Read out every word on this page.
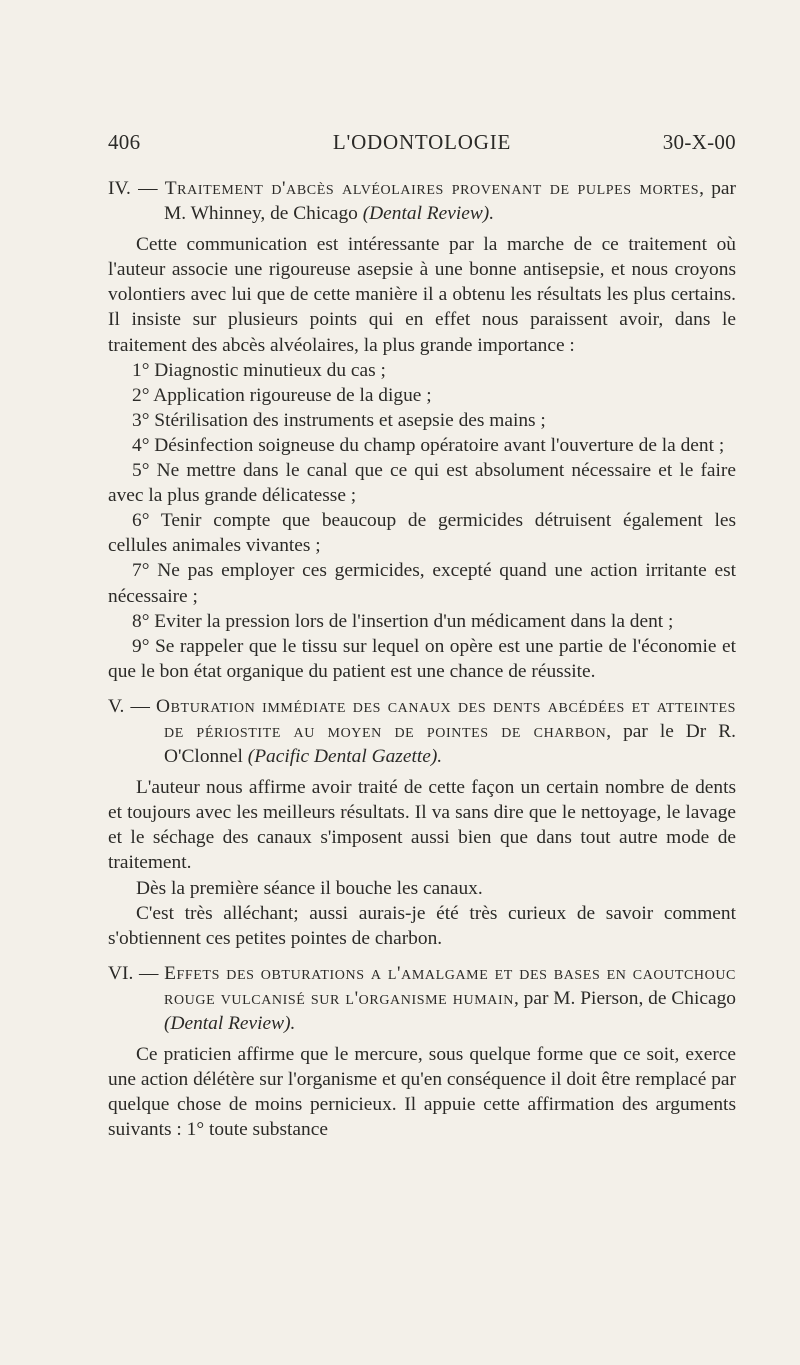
406	L'ODONTOLOGIE	30-X-00

IV. — Traitement d'abcès alvéolaires provenant de pulpes mortes, par M. Whinney, de Chicago (Dental Review).

Cette communication est intéressante par la marche de ce traitement où l'auteur associe une rigoureuse asepsie à une bonne antisepsie, et nous croyons volontiers avec lui que de cette manière il a obtenu les résultats les plus certains. Il insiste sur plusieurs points qui en effet nous paraissent avoir, dans le traitement des abcès alvéolaires, la plus grande importance :

1° Diagnostic minutieux du cas ;

2° Application rigoureuse de la digue ;

3° Stérilisation des instruments et asepsie des mains ;

4° Désinfection soigneuse du champ opératoire avant l'ouverture de la dent ;

5° Ne mettre dans le canal que ce qui est absolument nécessaire et le faire avec la plus grande délicatesse ;

6° Tenir compte que beaucoup de germicides détruisent également les cellules animales vivantes ;

7° Ne pas employer ces germicides, excepté quand une action irritante est nécessaire ;

8° Eviter la pression lors de l'insertion d'un médicament dans la dent ;

9° Se rappeler que le tissu sur lequel on opère est une partie de l'économie et que le bon état organique du patient est une chance de réussite.

V. — Obturation immédiate des canaux des dents abcédées et atteintes de périostite au moyen de pointes de charbon, par le Dr R. O'Clonnel (Pacific Dental Gazette).

L'auteur nous affirme avoir traité de cette façon un certain nombre de dents et toujours avec les meilleurs résultats. Il va sans dire que le nettoyage, le lavage et le séchage des canaux s'imposent aussi bien que dans tout autre mode de traitement.

Dès la première séance il bouche les canaux.

C'est très alléchant; aussi aurais-je été très curieux de savoir comment s'obtiennent ces petites pointes de charbon.

VI. — Effets des obturations a l'amalgame et des bases en caoutchouc rouge vulcanisé sur l'organisme humain, par M. Pierson, de Chicago (Dental Review).

Ce praticien affirme que le mercure, sous quelque forme que ce soit, exerce une action délétère sur l'organisme et qu'en conséquence il doit être remplacé par quelque chose de moins pernicieux. Il appuie cette affirmation des arguments suivants : 1° toute substance
